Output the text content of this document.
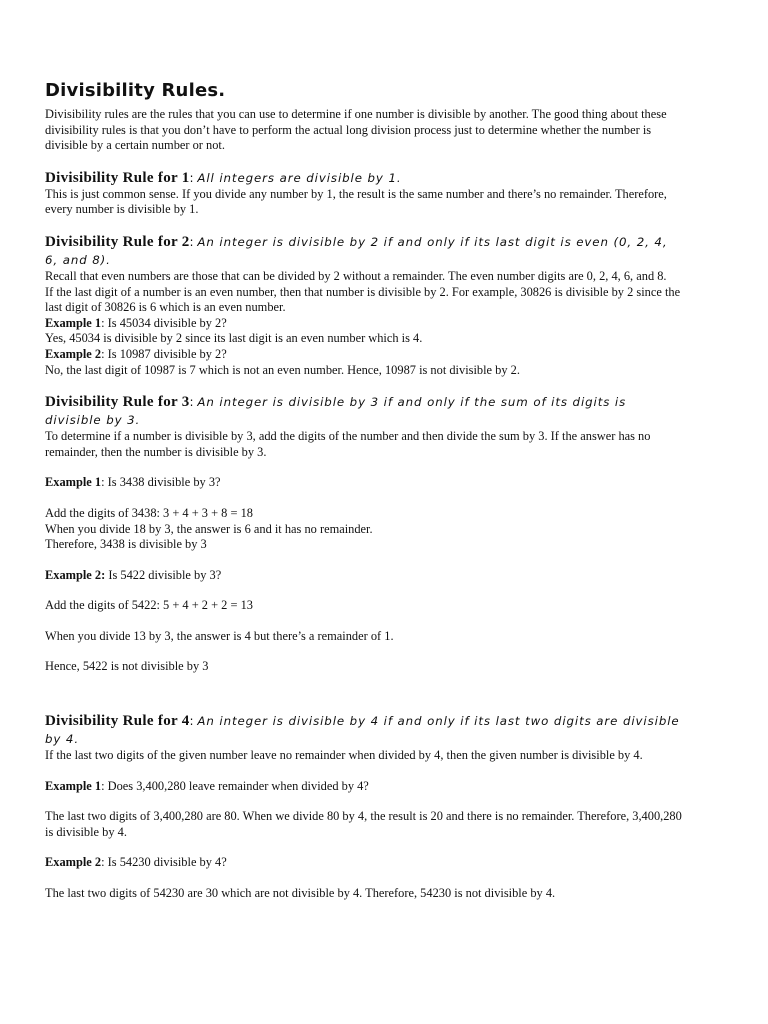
Divisibility Rules.

Divisibility rules are the rules that you can use to determine if one number is divisible by another. The good thing about these divisibility rules is that you don’t have to perform the actual long division process just to determine whether the number is divisible by a certain number or not.

Divisibility Rule for 1: All integers are divisible by 1.

This is just common sense. If you divide any number by 1, the result is the same number and there’s no remainder. Therefore, every number is divisible by 1.

Divisibility Rule for 2: An integer is divisible by 2 if and only if its last digit is even (0, 2, 4, 6, and 8).

Recall that even numbers are those that can be divided by 2 without a remainder. The even number digits are 0, 2, 4, 6, and 8.

If the last digit of a number is an even number, then that number is divisible by 2. For example, 30826 is divisible by 2 since the last digit of 30826 is 6 which is an even number.

Example 1: Is 45034 divisible by 2?

Yes, 45034 is divisible by 2 since its last digit is an even number which is 4.

Example 2: Is 10987 divisible by 2?

No, the last digit of 10987 is 7 which is not an even number. Hence, 10987 is not divisible by 2.

Divisibility Rule for 3: An integer is divisible by 3 if and only if the sum of its digits is divisible by 3.

To determine if a number is divisible by 3, add the digits of the number and then divide the sum by 3. If the answer has no remainder, then the number is divisible by 3.

Example 1: Is 3438 divisible by 3?

Add the digits of 3438: 3 + 4 + 3 + 8 = 18

When you divide 18 by 3, the answer is 6 and it has no remainder.

Therefore, 3438 is divisible by 3

Example 2: Is 5422 divisible by 3?

Add the digits of 5422: 5 + 4 + 2 + 2 = 13

When you divide 13 by 3, the answer is 4 but there’s a remainder of 1.

Hence, 5422 is not divisible by 3

Divisibility Rule for 4: An integer is divisible by 4 if and only if its last two digits are divisible by 4.

If the last two digits of the given number leave no remainder when divided by 4, then the given number is divisible by 4.

Example 1: Does 3,400,280 leave remainder when divided by 4?

The last two digits of 3,400,280 are 80. When we divide 80 by 4, the result is 20 and there is no remainder. Therefore, 3,400,280 is divisible by 4.

Example 2: Is 54230 divisible by 4?

The last two digits of 54230 are 30 which are not divisible by 4. Therefore, 54230 is not divisible by 4.
